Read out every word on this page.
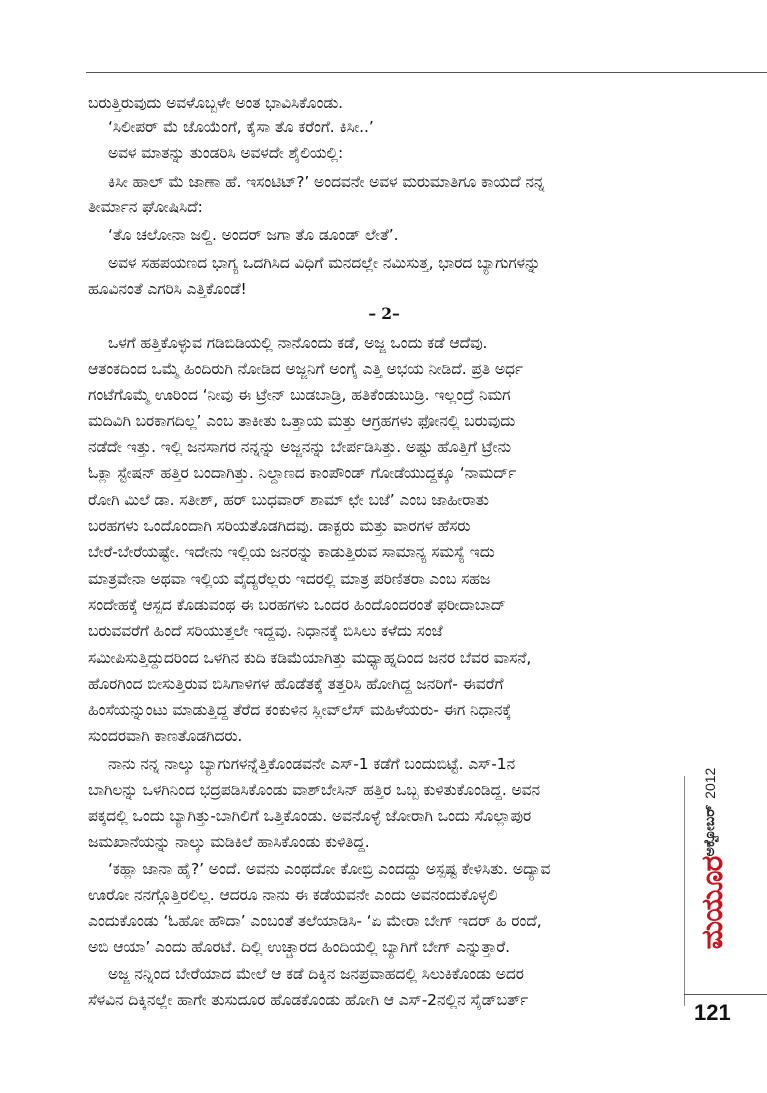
ಬರುತ್ತಿರುವುದು ಅವಳೊಬ್ಬಳೇ ಅಂತ ಭಾವಿಸಿಕೊಂಡು.
‘ಸಿಲೀಪರ್ ಮೆ ಜೊಯೆಂಗೆ, ಕೈಸಾ ತೊ ಕರೆಂಗೆ. ಕಿಸೀ..’
ಅವಳ ಮಾತನ್ನು ತುಂಡರಿಸಿ ಅವಳದೇ ಶೈಲಿಯಲ್ಲಿ:
ಕಿಸೀ ಹಾಲ್ ಮೆ ಜಾಣಾ ಹೆ. ಇಸಂಟಿಟ್?’ ಅಂದವನೇ ಅವಳ ಮರುಮಾತಿಗೂ ಕಾಯದೆ ನನ್ನ
ತೀರ್ಮಾನ ಘೋಷಿಸಿದೆ:
‘ತೊ ಚಲೋನಾ ಜಲ್ದಿ. ಅಂದರ್ ಜಗಾ ತೊ ಡೂಂಡ್ ಲೇತೆ’.
ಅವಳ ಸಹಪಯಣದ ಭಾಗ್ಯ ಒದಗಿಸಿದ ವಿಧಿಗೆ ಮನದಲ್ಲೇ ನಮಿಸುತ್ತ, ಭಾರದ ಬ್ಯಾಗುಗಳನ್ನು
ಹೂವಿನಂತೆ ಎಗರಿಸಿ ಎತ್ತಿಕೊಂಡೆ!
– 2–
ಒಳಗೆ ಹತ್ತಿಕೊಳ್ಳುವ ಗಡಿಬಿಡಿಯಲ್ಲಿ ನಾನೊಂದು ಕಡೆ, ಅಜ್ಜ ಒಂದು ಕಡೆ ಆದೆವು.
ಆತಂಕದಿಂದ ಒಮ್ಮೆ ಹಿಂದಿರುಗಿ ನೋಡಿದ ಅಜ್ಜನಿಗೆ ಅಂಗೈ ಎತ್ತಿ ಅಭಯ ನೀಡಿದೆ. ಪ್ರತಿ ಅರ್ಧ
ಗಂಟೆಗೊಮ್ಮೆ ಊರಿಂದ ‘ನೀವು ಈ ಟ್ರೇನ್ ಬುಡಬಾಡ್ರಿ, ಹತಿಕೆಂಡುಬುಡ್ರಿ. ಇಲ್ಲಂದ್ರೆ ನಿಮಗ
ಮದಿವಿಗಿ ಬರಕಾಗದಿಲ್ಲ’ ಎಂಬ ತಾಕೀತು ಒತ್ತಾಯ ಮತ್ತು ಆಗ್ರಹಗಳು ಫೋನಲ್ಲಿ ಬರುವುದು
ನಡೆದೇ ಇತ್ತು. ಇಲ್ಲಿ ಜನಸಾಗರ ನನ್ನನ್ನು ಅಜ್ಜನನ್ನು ಬೇರ್ಪಡಿಸಿತ್ತು. ಅಷ್ಟು ಹೊತ್ತಿಗೆ ಟ್ರೇನು
ಓಕ್ಲಾ ಸ್ಟೇಷನ್ ಹತ್ತಿರ ಬಂದಾಗಿತ್ತು. ನಿಲ್ದಾಣದ ಕಾಂಪೌಂಡ್ ಗೋಡೆಯುದ್ದಕ್ಕೂ ‘ನಾಮರ್ದ್
ರೋಗಿ ಮಿಲೆ ಡಾ. ಸತೀಶ್, ಹರ್ ಬುಧವಾರ್ ಶಾಮ್ ಛೇ ಬಜೆ’ ಎಂಬ ಜಾಹೀರಾತು
ಬರಹಗಳು ಒಂದೊಂದಾಗಿ ಸರಿಯತೊಡಗಿದವು. ಡಾಕ್ಟರು ಮತ್ತು ವಾರಗಳ ಹೆಸರು
ಬೇರೆ-ಬೇರೆಯಷ್ಟೇ. ಇದೇನು ಇಲ್ಲಿಯ ಜನರನ್ನು ಕಾಡುತ್ತಿರುವ ಸಾಮಾನ್ಯ ಸಮಸ್ಯೆ ಇದು
ಮಾತ್ರವೇನಾ ಅಥವಾ ಇಲ್ಲಿಯ ವೈದ್ಯರೆಲ್ಲರು ಇದರಲ್ಲಿ ಮಾತ್ರ ಪರಿಣಿತರಾ ಎಂಬ ಸಹಜ
ಸಂದೇಹಕ್ಕೆ ಆಸ್ಪದ ಕೊಡುವಂಥ ಈ ಬರಹಗಳು ಒಂದರ ಹಿಂದೊಂದರಂತೆ ಫರೀದಾಬಾದ್
ಬರುವವರೆಗೆ ಹಿಂದೆ ಸರಿಯುತ್ತಲೇ ಇದ್ದವು. ನಿಧಾನಕ್ಕೆ ಬಿಸಿಲು ಕಳೆದು ಸಂಜೆ
ಸಮೀಪಿಸುತ್ತಿದ್ದುದರಿಂದ ಒಳಗಿನ ಕುದಿ ಕಡಿಮೆಯಾಗಿತ್ತು ಮಧ್ಯಾಹ್ನದಿಂದ ಜನರ ಬೆವರ ವಾಸನೆ,
ಹೊರಗಿಂದ ಬೀಸುತ್ತಿರುವ ಬಿಸಿಗಾಳಿಗಳ ಹೊಡೆತಕ್ಕೆ ತತ್ತರಿಸಿ ಹೋಗಿದ್ದ ಜನರಿಗೆ- ಈವರೆಗೆ
ಹಿಂಸೆಯನ್ನುಂಟು ಮಾಡುತ್ತಿದ್ದ ತೆರೆದ ಕಂಕುಳಿನ ಸ್ಲೀವ್‌ಲೆಸ್ ಮಹಿಳೆಯರು- ಈಗ ನಿಧಾನಕ್ಕೆ
ಸುಂದರವಾಗಿ ಕಾಣತೊಡಗಿದರು.
ನಾನು ನನ್ನ ನಾಲ್ಕು ಬ್ಯಾಗುಗಳನ್ನೆತ್ತಿಕೊಂಡವನೇ ಎಸ್-1 ಕಡೆಗೆ ಬಂದುಬಿಟ್ಟೆ. ಎಸ್-1ನ
ಬಾಗಿಲನ್ನು ಒಳಗಿನಿಂದ ಭದ್ರಪಡಿಸಿಕೊಂಡು ವಾಶ್‌ಬೇಸಿನ್ ಹತ್ತಿರ ಒಬ್ಬ ಕುಳಿತುಕೊಂಡಿದ್ದ. ಅವನ
ಪಕ್ಕದಲ್ಲಿ ಒಂದು ಬ್ಯಾಗಿತ್ತು-ಬಾಗಿಲಿಗೆ ಒತ್ತಿಕೊಂಡು. ಅವನೊಳ್ಳೆ ಜೋರಾಗಿ ಒಂದು ಸೊಲ್ಲಾಪುರ
ಜಮಖಾನೆಯನ್ನು ನಾಲ್ಕು ಮಡಿಕಿಲೆ ಹಾಸಿಕೊಂಡು ಕುಳಿತಿದ್ದ.
‘ಕಹ್ಲಾ ಜಾನಾ ಹೈ?’ ಅಂದೆ. ಅವನು ಎಂಥದೋ ಕೋಬ್ರಿ ಎಂದದ್ದು ಅಸ್ಪಷ್ಟ ಕೇಳಿಸಿತು. ಅದ್ಯಾವ
ಊರೋ ನನಗ್ಗೊತ್ತಿರಲಿಲ್ಲ. ಆದರೂ ನಾನು ಈ ಕಡೆಯವನೇ ಎಂದು ಅವನಂದುಕೊಳ್ಳಲಿ
ಎಂದುಕೊಂಡು ‘ಓಹೋ ಹೌದಾ’ ಎಂಬಂತೆ ತಲೆಯಾಡಿಸಿ- ‘ಏ ಮೇರಾ ಬೇಗ್ ಇದರ್ ಹಿ ರಂದೆ,
ಅಬಿ ಆಯಾ’ ಎಂದು ಹೊರಟೆ. ದಿಲ್ಲಿ ಉಚ್ಚಾರದ ಹಿಂದಿಯಲ್ಲಿ ಬ್ಯಾಗಿಗೆ ಬೇಗ್ ಎನ್ನುತ್ತಾರೆ.
ಅಜ್ಜ ನನ್ನಿಂದ ಬೇರೆಯಾದ ಮೇಲೆ ಆ ಕಡೆ ದಿಕ್ಕಿನ ಜನಪ್ರವಾಹದಲ್ಲಿ ಸಿಲುಕಿಕೊಂಡು ಅದರ
ಸೆಳವಿನ ದಿಕ್ಕಿನಲ್ಲೇ ಹಾಗೇ ತುಸುದೂರ ಹೊಡಕೊಂಡು ಹೋಗಿ ಆ ಎಸ್-2ನಲ್ಲಿನ ಸೈಡ್‌ಬರ್ತ್
ಅಕ್ಟೋಬರ್
2012
ಮಯೂರ
121
